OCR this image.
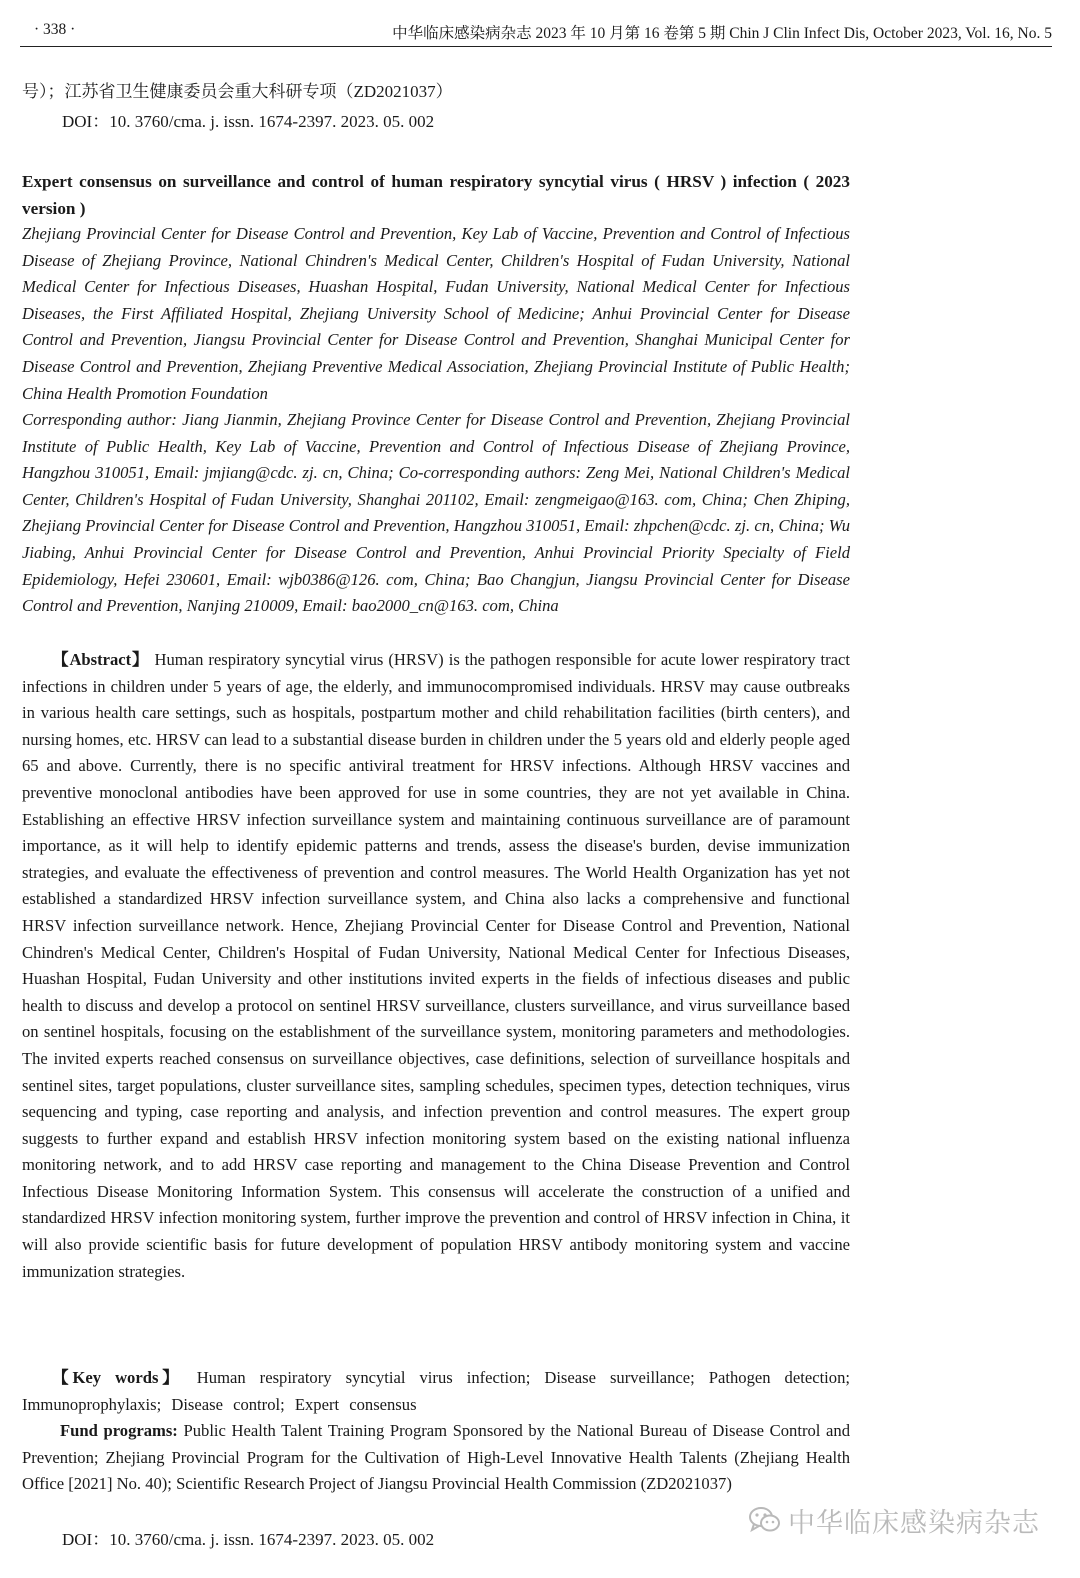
· 338 ·	中华临床感染病杂志 2023 年 10 月第 16 卷第 5 期 Chin J Clin Infect Dis, October 2023, Vol. 16, No. 5
号）；江苏省卫生健康委员会重大科研专项（ZD2021037）
DOI：10. 3760/cma. j. issn. 1674-2397. 2023. 05. 002
Expert consensus on surveillance and control of human respiratory syncytial virus ( HRSV ) infection ( 2023 version )
Zhejiang Provincial Center for Disease Control and Prevention, Key Lab of Vaccine, Prevention and Control of Infectious Disease of Zhejiang Province, National Chindren's Medical Center, Children's Hospital of Fudan University, National Medical Center for Infectious Diseases, Huashan Hospital, Fudan University, National Medical Center for Infectious Diseases, the First Affiliated Hospital, Zhejiang University School of Medicine; Anhui Provincial Center for Disease Control and Prevention, Jiangsu Provincial Center for Disease Control and Prevention, Shanghai Municipal Center for Disease Control and Prevention, Zhejiang Preventive Medical Association, Zhejiang Provincial Institute of Public Health; China Health Promotion Foundation
Corresponding author: Jiang Jianmin, Zhejiang Province Center for Disease Control and Prevention, Zhejiang Provincial Institute of Public Health, Key Lab of Vaccine, Prevention and Control of Infectious Disease of Zhejiang Province, Hangzhou 310051, Email: jmjiang@cdc. zj. cn, China; Co-corresponding authors: Zeng Mei, National Children's Medical Center, Children's Hospital of Fudan University, Shanghai 201102, Email: zengmeigao@163. com, China; Chen Zhiping, Zhejiang Provincial Center for Disease Control and Prevention, Hangzhou 310051, Email: zhpchen@cdc. zj. cn, China; Wu Jiabing, Anhui Provincial Center for Disease Control and Prevention, Anhui Provincial Priority Specialty of Field Epidemiology, Hefei 230601, Email: wjb0386@126. com, China; Bao Changjun, Jiangsu Provincial Center for Disease Control and Prevention, Nanjing 210009, Email: bao2000_cn@163. com, China
【Abstract】 Human respiratory syncytial virus (HRSV) is the pathogen responsible for acute lower respiratory tract infections in children under 5 years of age, the elderly, and immunocompromised individuals. HRSV may cause outbreaks in various health care settings, such as hospitals, postpartum mother and child rehabilitation facilities (birth centers), and nursing homes, etc. HRSV can lead to a substantial disease burden in children under the 5 years old and elderly people aged 65 and above. Currently, there is no specific antiviral treatment for HRSV infections. Although HRSV vaccines and preventive monoclonal antibodies have been approved for use in some countries, they are not yet available in China. Establishing an effective HRSV infection surveillance system and maintaining continuous surveillance are of paramount importance, as it will help to identify epidemic patterns and trends, assess the disease's burden, devise immunization strategies, and evaluate the effectiveness of prevention and control measures. The World Health Organization has yet not established a standardized HRSV infection surveillance system, and China also lacks a comprehensive and functional HRSV infection surveillance network. Hence, Zhejiang Provincial Center for Disease Control and Prevention, National Chindren's Medical Center, Children's Hospital of Fudan University, National Medical Center for Infectious Diseases, Huashan Hospital, Fudan University and other institutions invited experts in the fields of infectious diseases and public health to discuss and develop a protocol on sentinel HRSV surveillance, clusters surveillance, and virus surveillance based on sentinel hospitals, focusing on the establishment of the surveillance system, monitoring parameters and methodologies. The invited experts reached consensus on surveillance objectives, case definitions, selection of surveillance hospitals and sentinel sites, target populations, cluster surveillance sites, sampling schedules, specimen types, detection techniques, virus sequencing and typing, case reporting and analysis, and infection prevention and control measures. The expert group suggests to further expand and establish HRSV infection monitoring system based on the existing national influenza monitoring network, and to add HRSV case reporting and management to the China Disease Prevention and Control Infectious Disease Monitoring Information System. This consensus will accelerate the construction of a unified and standardized HRSV infection monitoring system, further improve the prevention and control of HRSV infection in China, it will also provide scientific basis for future development of population HRSV antibody monitoring system and vaccine immunization strategies.
【Key words】 Human respiratory syncytial virus infection; Disease surveillance; Pathogen detection; Immunoprophylaxis; Disease control; Expert consensus
Fund programs: Public Health Talent Training Program Sponsored by the National Bureau of Disease Control and Prevention; Zhejiang Provincial Program for the Cultivation of High-Level Innovative Health Talents (Zhejiang Health Office [2021] No. 40); Scientific Research Project of Jiangsu Provincial Health Commission (ZD2021037)
DOI：10. 3760/cma. j. issn. 1674-2397. 2023. 05. 002
中华临床感染病杂志
